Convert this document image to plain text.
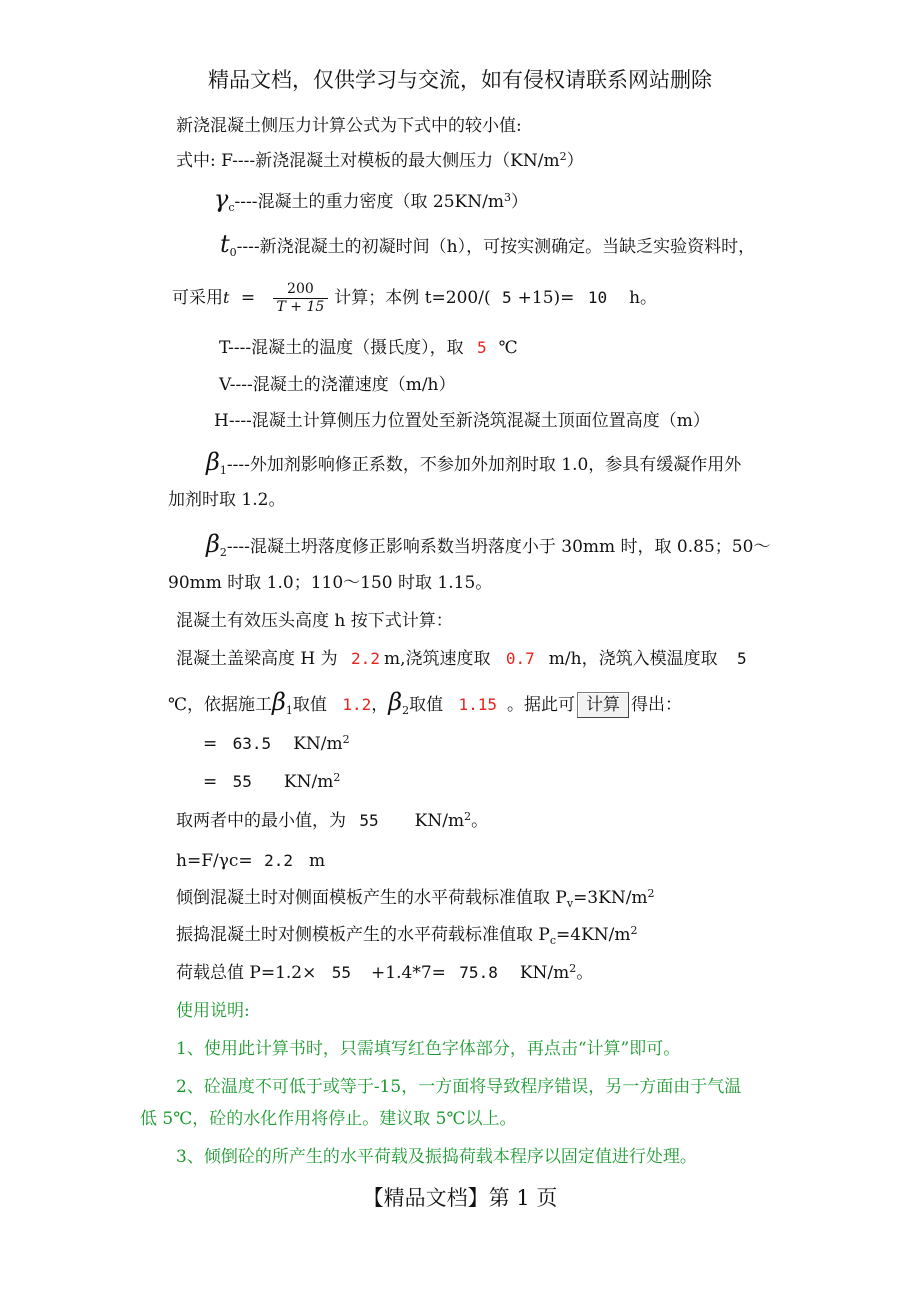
精品文档，仅供学习与交流，如有侵权请联系网站删除
新浇混凝土侧压力计算公式为下式中的较小值:
式中: F----新浇混凝土对模板的最大侧压力$(KN/m^2)$
$\gamma_c----$混凝土的重力密度（取 $25KN/m^3$）
$t_0----$新浇混凝土的初凝时间（h），可按实测确定。当缺乏实验资料时，
可采用$t = \frac{200}{T + 15}$ 计算；本例 t=200/( 5 +15)= 10 h。
T----混凝土的温度（摄氏度），取 5 ℃
V----混凝土的浇灌速度（m/h）
H----混凝土计算侧压力位置处至新浇筑混凝土顶面位置高度（m）
$\beta_1----$外加剂影响修正系数，不参加外加剂时取 1.0，参具有缓凝作用外
加剂时取 1.2。
$\beta_2----$混凝土坍落度修正影响系数当坍落度小于 30mm 时，取 0.85；50～
90mm 时取 1.0；110～150 时取 1.15。
混凝土有效压头高度 h 按下式计算：
混凝土盖梁高度 H 为 2.2 m,浇筑速度取 0.7 m/h，浇筑入模温度取 5
℃，依据施工$\beta_1$取值 1.2，$\beta_2$取值 1.15 。据此可 计算 得出：
= 63.5 $KN/m^2$
= 55 $KN/m^2$
取两者中的最小值，为 55 $KN/m^2$。
h=F/γc= 2.2 m
倾倒混凝土时对侧面模板产生的水平荷载标准值取 $P_v=3KN/m^2$
振捣混凝土时对侧模板产生的水平荷载标准值取 $P_c=4KN/m^2$
荷载总值 P=1.2× 55 +1.4*7= 75.8 $KN/m^2$。
使用说明:
1、使用此计算书时，只需填写红色字体部分，再点击“计算”即可。
2、砼温度不可低于或等于-15，一方面将导致程序错误，另一方面由于气温
低 5℃，砼的水化作用将停止。建议取 5℃以上。
3、倾倒砼的所产生的水平荷载及振捣荷载本程序以固定值进行处理。
【精品文档】第 1 页
